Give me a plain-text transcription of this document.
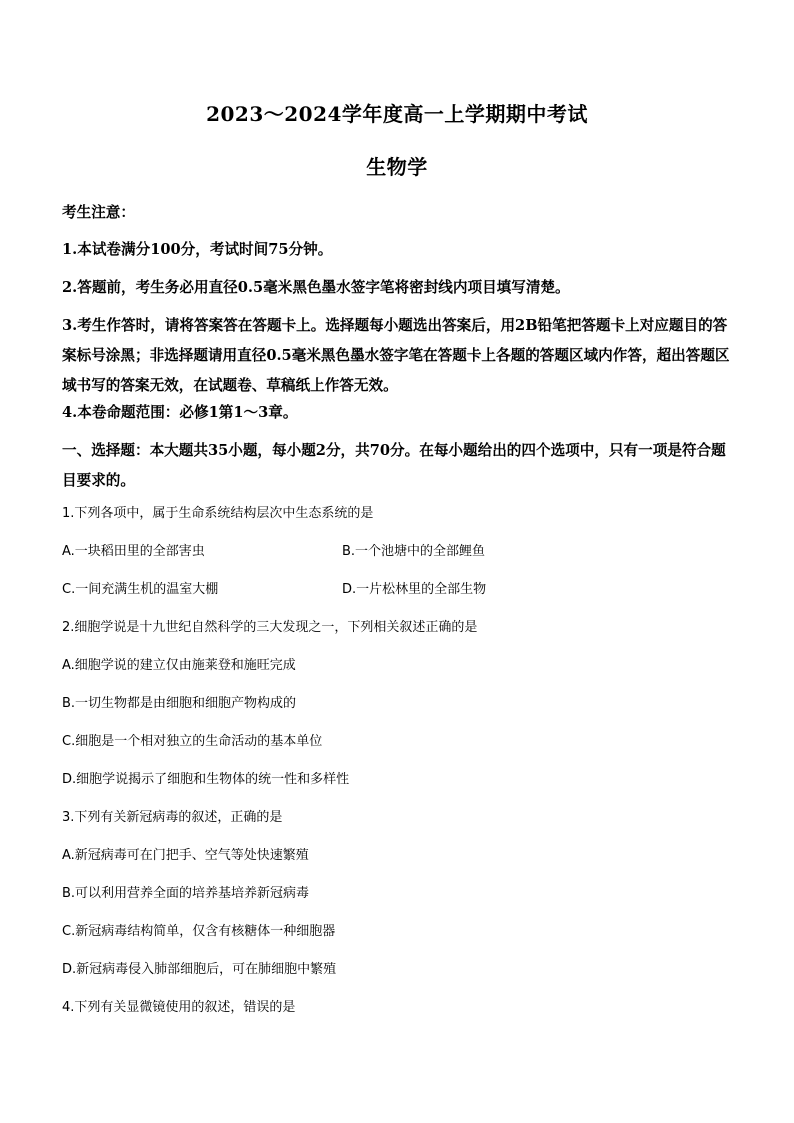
2023～2024学年度高一上学期期中考试
生物学
考生注意：
1.本试卷满分100分，考试时间75分钟。
2.答题前，考生务必用直径0.5毫米黑色墨水签字笔将密封线内项目填写清楚。
3.考生作答时，请将答案答在答题卡上。选择题每小题选出答案后，用2B铅笔把答题卡上对应题目的答案标号涂黑；非选择题请用直径0.5毫米黑色墨水签字笔在答题卡上各题的答题区域内作答，超出答题区域书写的答案无效，在试题卷、草稿纸上作答无效。
4.本卷命题范围：必修1第1～3章。
一、选择题：本大题共35小题，每小题2分，共70分。在每小题给出的四个选项中，只有一项是符合题目要求的。
1.下列各项中，属于生命系统结构层次中生态系统的是
A.一块稻田里的全部害虫	B.一个池塘中的全部鲤鱼
C.一间充满生机的温室大棚	D.一片松林里的全部生物
2.细胞学说是十九世纪自然科学的三大发现之一，下列相关叙述正确的是
A.细胞学说的建立仅由施莱登和施旺完成
B.一切生物都是由细胞和细胞产物构成的
C.细胞是一个相对独立的生命活动的基本单位
D.细胞学说揭示了细胞和生物体的统一性和多样性
3.下列有关新冠病毒的叙述，正确的是
A.新冠病毒可在门把手、空气等处快速繁殖
B.可以利用营养全面的培养基培养新冠病毒
C.新冠病毒结构简单，仅含有核糖体一种细胞器
D.新冠病毒侵入肺部细胞后，可在肺细胞中繁殖
4.下列有关显微镜使用的叙述，错误的是
